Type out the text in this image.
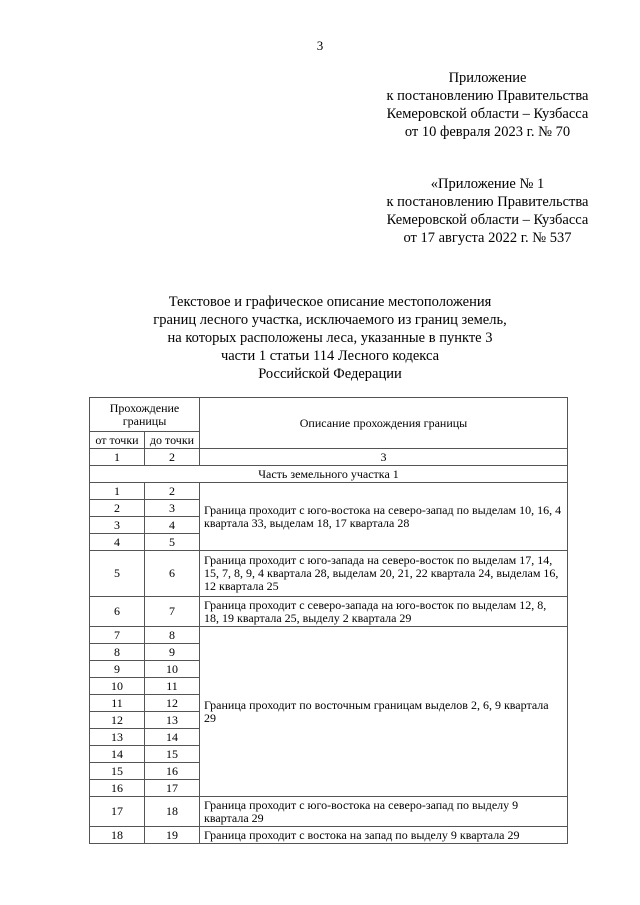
3
Приложение
к постановлению Правительства
Кемеровской области – Кузбасса
от 10 февраля 2023 г. № 70
«Приложение № 1
к постановлению Правительства
Кемеровской области – Кузбасса
от 17 августа 2022 г. № 537
Текстовое и графическое описание местоположения
границ лесного участка, исключаемого из границ земель,
на которых расположены леса, указанные в пункте 3
части 1 статьи 114 Лесного кодекса
Российской Федерации
Прохождение границы		Описание прохождения границы
от точки	до точки	
1	2	3
Часть земельного участка 1		
1	2	Граница проходит с юго-востока на северо-запад по выделам 10, 16, 4 квартала 33, выделам 18, 17 квартала 28
2	3	
3	4	
4	5	
5	6	Граница проходит с юго-запада на северо-восток по выделам 17, 14, 15, 7, 8, 9, 4 квартала 28, выделам 20, 21, 22 квартала 24, выделам 16, 12 квартала 25
6	7	Граница проходит с северо-запада на юго-восток по выделам 12, 8, 18, 19 квартала 25, выделу 2 квартала 29
7	8	Граница проходит по восточным границам выделов 2, 6, 9 квартала 29
8	9	
9	10	
10	11	
11	12	
12	13	
13	14	
14	15	
15	16	
16	17	
17	18	Граница проходит с юго-востока на северо-запад по выделу 9 квартала 29
18	19	Граница проходит с востока на запад по выделу 9 квартала 29
